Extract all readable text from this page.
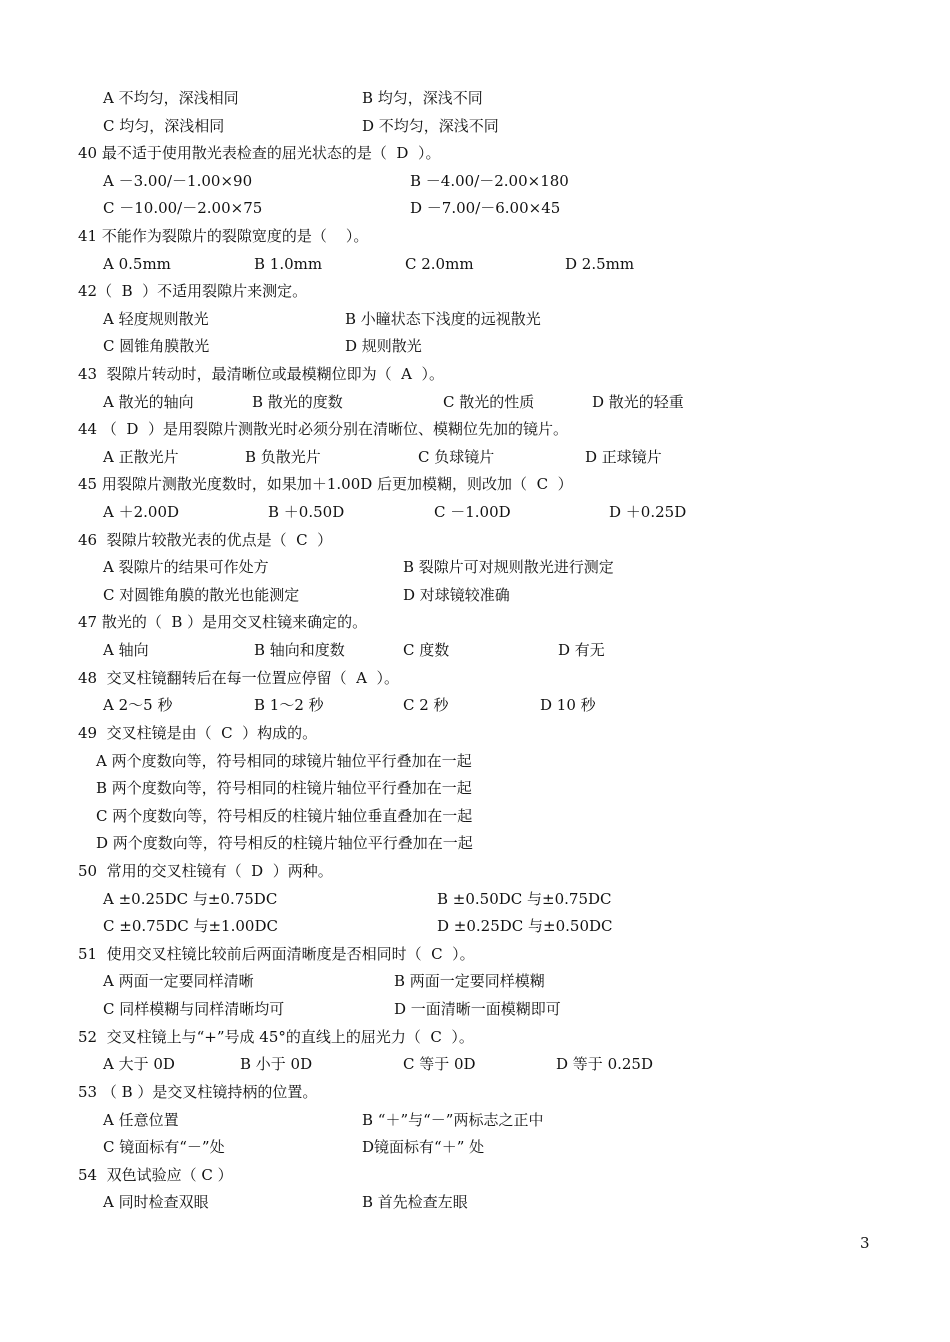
A 不均匀，深浅相同	B 均匀，深浅不同
C 均匀，深浅相同	D 不均匀，深浅不同
40 最不适于使用散光表检查的屈光状态的是（  D  ）。
A －3.00/－1.00×90	B －4.00/－2.00×180
C －10.00/－2.00×75	D －7.00/－6.00×45
41 不能作为裂隙片的裂隙宽度的是（    ）。
A 0.5mm	B 1.0mm	C 2.0mm	D 2.5mm
42（  B  ）不适用裂隙片来测定。
A 轻度规则散光	B 小瞳状态下浅度的远视散光
C 圆锥角膜散光	D 规则散光
43  裂隙片转动时，最清晰位或最模糊位即为（  A  ）。
A 散光的轴向	B 散光的度数	C 散光的性质	D 散光的轻重
44 （  D  ）是用裂隙片测散光时必须分别在清晰位、模糊位先加的镜片。
A 正散光片	B 负散光片	C 负球镜片	D 正球镜片
45 用裂隙片测散光度数时，如果加＋1.00D 后更加模糊，则改加（  C  ）
A ＋2.00D	B ＋0.50D	C －1.00D	D ＋0.25D
46  裂隙片较散光表的优点是（  C  ）
A 裂隙片的结果可作处方	B 裂隙片可对规则散光进行测定
C 对圆锥角膜的散光也能测定	D 对球镜较准确
47 散光的（  B ）是用交叉柱镜来确定的。
A 轴向	B 轴向和度数	C 度数	D 有无
48  交叉柱镜翻转后在每一位置应停留（  A  ）。
A 2～5 秒	B 1～2 秒	C 2 秒	D 10 秒
49  交叉柱镜是由（  C  ）构成的。
A 两个度数向等，符号相同的球镜片轴位平行叠加在一起
B 两个度数向等，符号相同的柱镜片轴位平行叠加在一起
C 两个度数向等，符号相反的柱镜片轴位垂直叠加在一起
D 两个度数向等，符号相反的柱镜片轴位平行叠加在一起
50  常用的交叉柱镜有（  D  ）两种。
A ±0.25DC 与±0.75DC	B ±0.50DC 与±0.75DC
C ±0.75DC 与±1.00DC	D ±0.25DC 与±0.50DC
51  使用交叉柱镜比较前后两面清晰度是否相同时（  C  ）。
A 两面一定要同样清晰	B 两面一定要同样模糊
C 同样模糊与同样清晰均可	D 一面清晰一面模糊即可
52  交叉柱镜上与“+”号成 45°的直线上的屈光力（  C  ）。
A 大于 0D	B 小于 0D	C 等于 0D	D 等于 0.25D
53 （ B ）是交叉柱镜持柄的位置。
A 任意位置	B “＋”与“－”两标志之正中
C 镜面标有“－”处	D镜面标有“＋” 处
54  双色试验应（ C ）
A 同时检查双眼	B 首先检查左眼
3
